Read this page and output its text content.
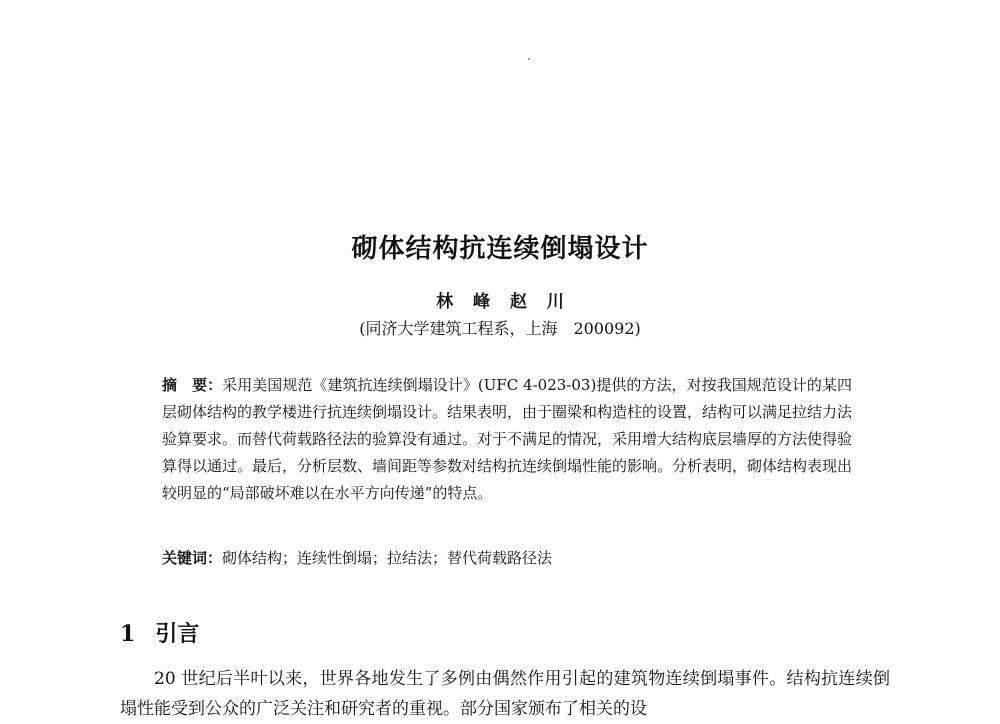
砌体结构抗连续倒塌设计
林 峰 赵 川
(同济大学建筑工程系，上海　200092)
摘　要：采用美国规范《建筑抗连续倒塌设计》(UFC 4-023-03)提供的方法，对按我国规范设计的某四层砌体结构的教学楼进行抗连续倒塌设计。结果表明，由于圈梁和构造柱的设置，结构可以满足拉结力法验算要求。而替代荷载路径法的验算没有通过。对于不满足的情况，采用增大结构底层墙厚的方法使得验算得以通过。最后，分析层数、墙间距等参数对结构抗连续倒塌性能的影响。分析表明，砌体结构表现出较明显的“局部破坏难以在水平方向传递”的特点。
关键词：砌体结构；连续性倒塌；拉结法；替代荷载路径法
1 引言
20 世纪后半叶以来，世界各地发生了多例由偶然作用引起的建筑物连续倒塌事件。结构抗连续倒塌性能受到公众的广泛关注和研究者的重视。部分国家颁布了相关的设
